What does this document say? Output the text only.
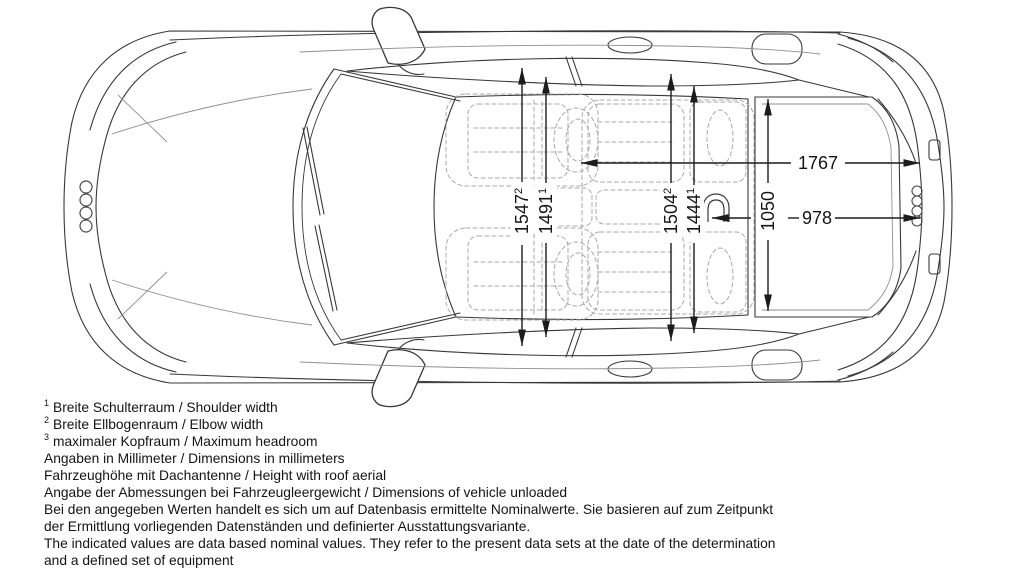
1547$^2$
1491$^1$
1504$^2$
1444$^1$	1050
1767
978
$^1$ Breite Schulterraum / Shoulder width
$^2$ Breite Ellbogenraum / Elbow width
$^3$ maximaler Kopfraum / Maximum headroom
Angaben in Millimeter / Dimensions in millimeters
Fahrzeughöhe mit Dachantenne / Height with roof aerial
Angabe der Abmessungen bei Fahrzeugleergewicht / Dimensions of vehicle unloaded
Bei den angegeben Werten handelt es sich um auf Datenbasis ermittelte Nominalwerte. Sie basieren auf zum Zeitpunkt
der Ermittlung vorliegenden Datenständen und definierter Ausstattungsvariante.
The indicated values are data based nominal values. They refer to the present data sets at the date of the determination
and a defined set of equipment
